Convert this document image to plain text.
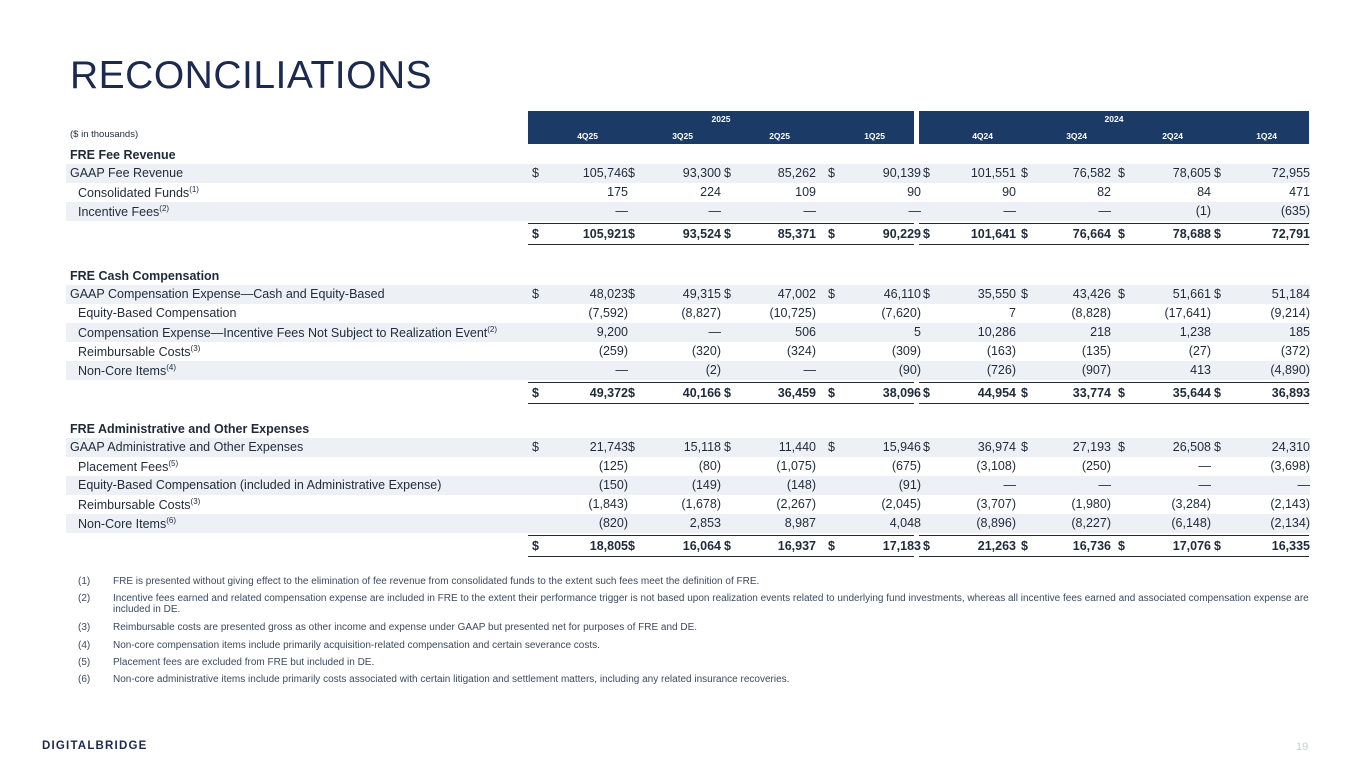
RECONCILIATIONS
($ in thousands)
2025
4Q25	3Q25	2Q25	1Q25
2024
4Q24	3Q24	2Q24	1Q24
FRE Fee Revenue
GAAP Fee Revenue	$	105,746 $	93,300 $	85,262 $	90,139 $	101,551 $	76,582 $	78,605 $	72,955
Consolidated Funds$^{(1)}$	175	224	109	90	90	82	84	471
Incentive Fees$^{(2)}$	—	—	—	—	—	—	(1)	(635)
$	105,921 $	93,524 $	85,371 $	90,229 $	101,641 $	76,664 $	78,688 $	72,791
FRE Cash Compensation
GAAP Compensation Expense—Cash and Equity-Based	$	48,023 $	49,315 $	47,002 $	46,110 $	35,550 $	43,426 $	51,661 $	51,184
Equity-Based Compensation	(7,592)	(8,827)	(10,725)	(7,620)	7	(8,828)	(17,641)	(9,214)
Compensation Expense—Incentive Fees Not Subject to Realization Event$^{(2)}$	9,200	—	506	5	10,286	218	1,238	185
Reimbursable Costs$^{(3)}$	(259)	(320)	(324)	(309)	(163)	(135)	(27)	(372)
Non-Core Items$^{(4)}$	—	(2)	—	(90)	(726)	(907)	413	(4,890)
$	49,372 $	40,166 $	36,459 $	38,096 $	44,954 $	33,774 $	35,644 $	36,893
FRE Administrative and Other Expenses
GAAP Administrative and Other Expenses	$	21,743 $	15,118 $	11,440 $	15,946 $	36,974 $	27,193 $	26,508 $	24,310
Placement Fees$^{(5)}$	(125)	(80)	(1,075)	(675)	(3,108)	(250)	—	(3,698)
Equity-Based Compensation (included in Administrative Expense)	(150)	(149)	(148)	(91)	—	—	—	—
Reimbursable Costs$^{(3)}$	(1,843)	(1,678)	(2,267)	(2,045)	(3,707)	(1,980)	(3,284)	(2,143)
Non-Core Items$^{(6)}$	(820)	2,853	8,987	4,048	(8,896)	(8,227)	(6,148)	(2,134)
$	18,805 $	16,064 $	16,937 $	17,183 $	21,263 $	16,736 $	17,076 $	16,335
(1) FRE is presented without giving effect to the elimination of fee revenue from consolidated funds to the extent such fees meet the definition of FRE.
(2) Incentive fees earned and related compensation expense are included in FRE to the extent their performance trigger is not based upon realization events related to underlying fund investments, whereas all incentive fees earned and associated compensation expense are included in DE.
(3) Reimbursable costs are presented gross as other income and expense under GAAP but presented net for purposes of FRE and DE.
(4) Non-core compensation items include primarily acquisition-related compensation and certain severance costs.
(5) Placement fees are excluded from FRE but included in DE.
(6) Non-core administrative items include primarily costs associated with certain litigation and settlement matters, including any related insurance recoveries.
DIGITALBRIDGE	19
